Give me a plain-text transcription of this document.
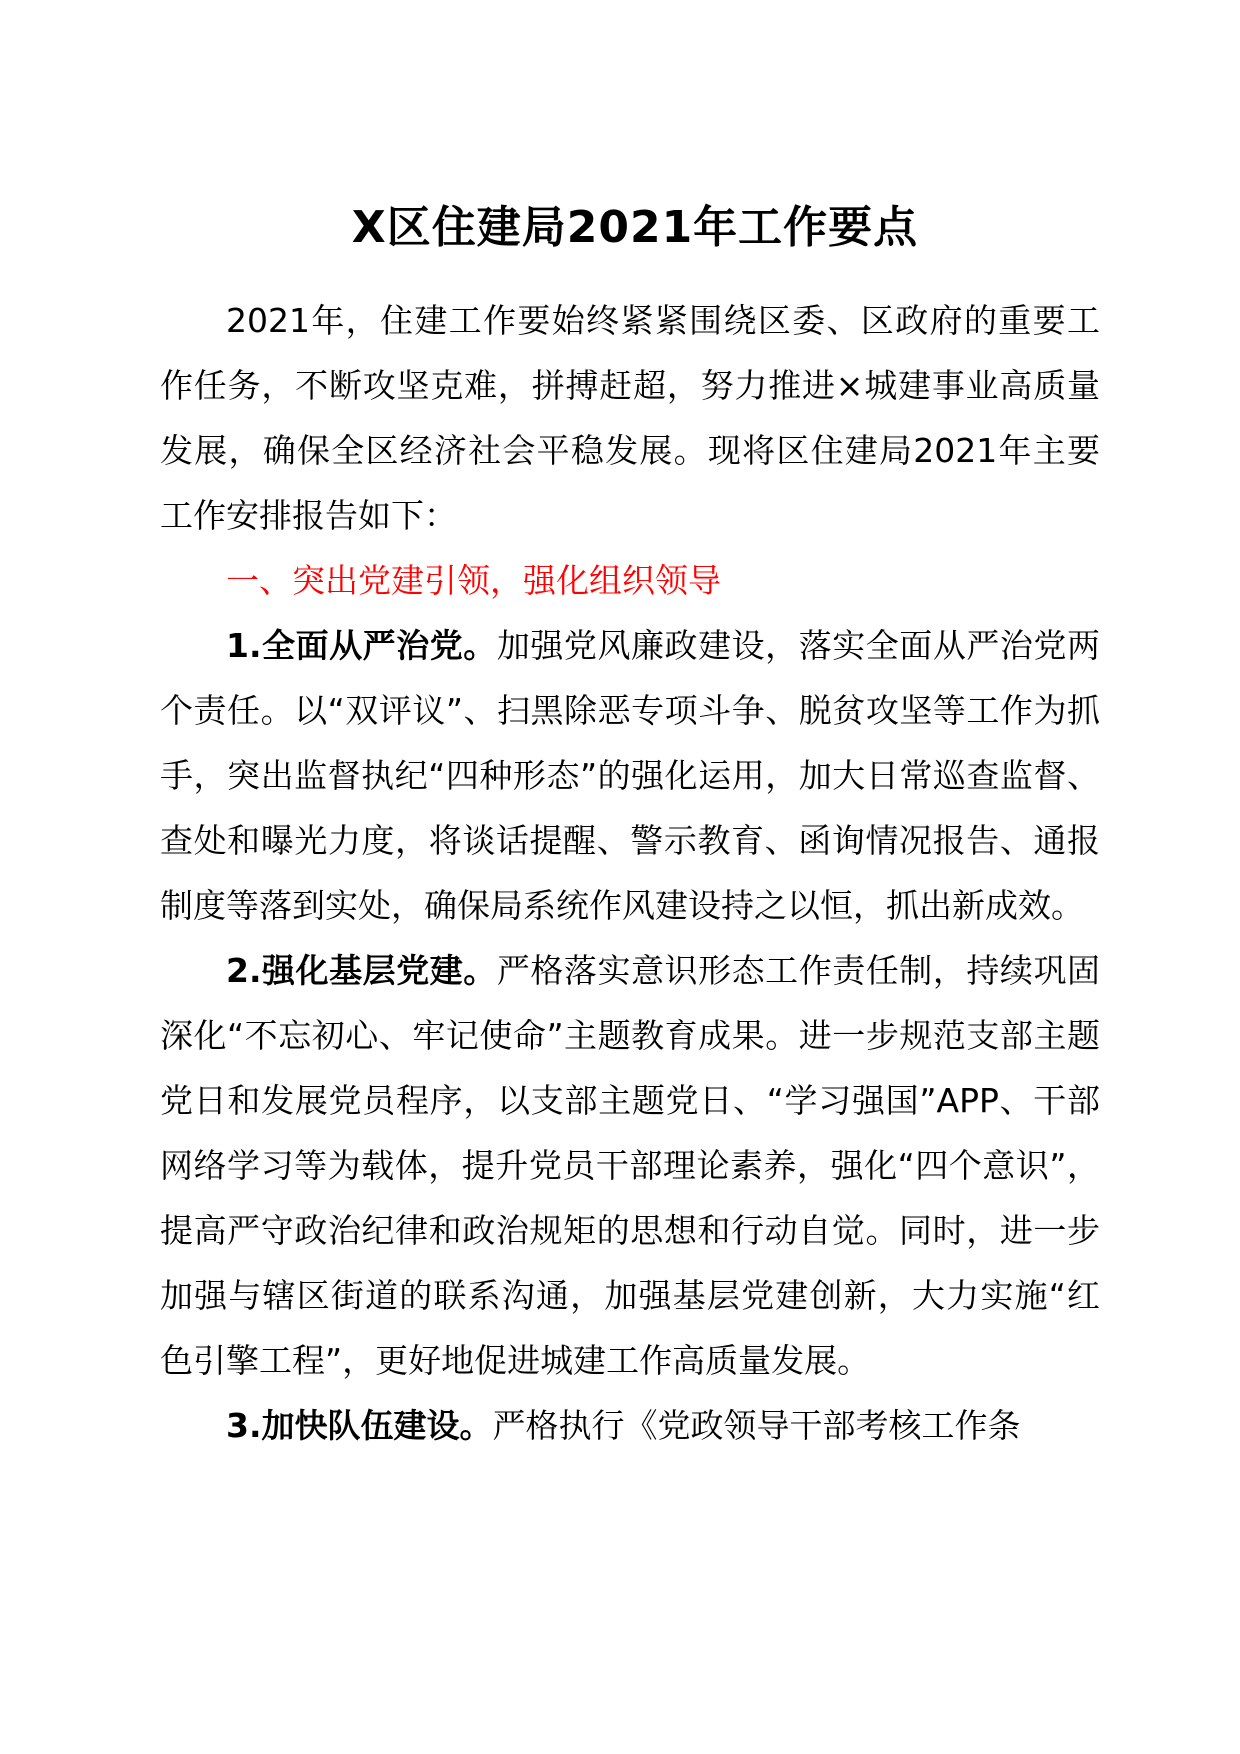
X区住建局2021年工作要点

2021年，住建工作要始终紧紧围绕区委、区政府的重要工作任务，不断攻坚克难，拼搏赶超，努力推进×城建事业高质量发展，确保全区经济社会平稳发展。现将区住建局2021年主要工作安排报告如下：

一、突出党建引领，强化组织领导

1.全面从严治党。加强党风廉政建设，落实全面从严治党两个责任。以“双评议”、扫黑除恶专项斗争、脱贫攻坚等工作为抓手，突出监督执纪“四种形态”的强化运用，加大日常巡查监督、查处和曝光力度，将谈话提醒、警示教育、函询情况报告、通报制度等落到实处，确保局系统作风建设持之以恒，抓出新成效。

2.强化基层党建。严格落实意识形态工作责任制，持续巩固深化“不忘初心、牢记使命”主题教育成果。进一步规范支部主题党日和发展党员程序，以支部主题党日、“学习强国”APP、干部网络学习等为载体，提升党员干部理论素养，强化“四个意识”，提高严守政治纪律和政治规矩的思想和行动自觉。同时，进一步加强与辖区街道的联系沟通，加强基层党建创新，大力实施“红色引擎工程”，更好地促进城建工作高质量发展。

3.加快队伍建设。严格执行《党政领导干部考核工作条
